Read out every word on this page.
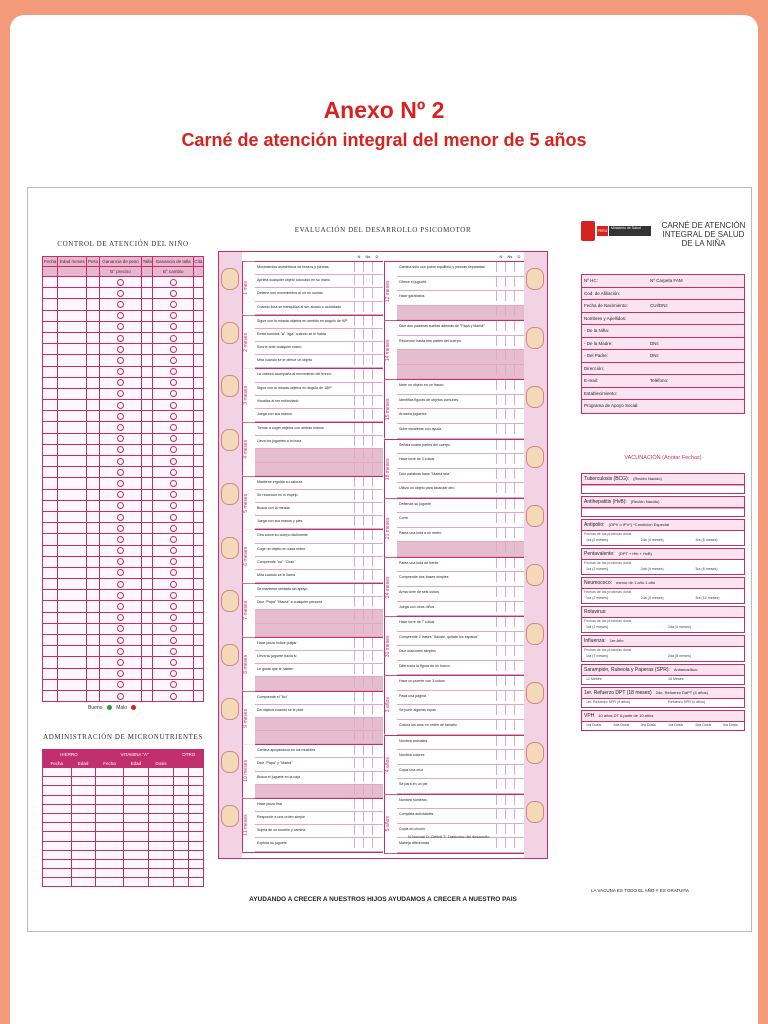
Anexo Nº 2
Carné de atención integral del menor de 5 años
CONTROL DE ATENCIÓN DEL NIÑO
Fecha	Edad meses	Peso	Ganancia de peso	Talla	Ganancia de talla	Cita
			B° preciso		B° cambio	

Bueno	Malo
ADMINISTRACIÓN DE MICRONUTRIENTES
HIERRO		VITAMINA "A"			OTRO	
Fecha	Edad	Fecha	Edad	Dosis		

EVALUACIÓN DEL DESARROLLO PSICOMOTOR
N	Ns	D
1 mes
Movimientos asimétricos de brazos y piernas
Aprieta cualquier objeto colocado en su mano
Detiene sus movimientos al oír un sonido
Cuando llora se tranquiliza al ser alzado o acariciado
2 meses
Sigue con la mirada objetos en sentido en ángulo de 90º
Emite sonidos "a" "aga" cuando se le habla
Sonríe ante cualquier rostro
Mira cuando se le ofrece un objeto
3 meses
La cabeza acompaña al movimiento del tronco
Sigue con la mirada objetos en ángulo de 180º
Vocaliza al ser estimulado
Juega con sus manos
4 meses
Tiende a coger objetos con ambas manos
Lleva los juguetes a la boca
5 meses
Mantiene erguida su cabeza
Se reconoce en el espejo
Busca con la mirada
Juega con sus manos y pies
6 meses
Gira sobre su cuerpo fácilmente
Coge un objeto en cada mano
Comprende "no" "Chau"
Mira cuando se le llama
7 meses
Se mantiene sentado sin apoyo
Dice "Papá" "Mamá" a cualquier persona
8 meses
Hace pinza índice pulgar
Lleva su juguete hacia sí
Le gusta que le hablen
9 meses
Comprende el "No"
Da objetos cuando se le pide
10 meses
Camina apoyándose en los muebles
Dice "Papá" y "Mamá"
Busca el juguete en la caja
11 meses
Hace pinza fina
Responde a una orden simple
Sujeta de un mueble y camina
Explora su juguete
N	Ns	D
12 meses
Camina sólo con pobre equilibrio y piernas separadas
Ofrece el juguete
Hace garabatos
14 meses
Dice dos palabras sueltas además de "Papá y Mamá"
Reconoce hasta tres partes del cuerpo
15 meses
Mete un objeto en un frasco
Identifica figuras de objetos comunes
Arrastra juguetes
Sube escaleras con ayuda
18 meses
Señala cuatro partes del cuerpo
Hace torre de 3 cubos
Dice palabras frase "Mamá teta"
Utiliza un objeto para alcanzar otro
21 meses
Defiende su juguete
Corre
Patea una bola a un metro
24 meses
Patea una bola de frente
Comprende dos frases simples
Arma torre de seis cubos
Juega con otros niños
30 meses
Hace torre de 7 cubos
Comprende 2 frases "Sácate, quítate los zapatos"
Dice oraciones simples
Diferencia la figura de un huevo
3 años
Hace un puente con 3 cubos
Pasa una página
Se pone algunas ropas
Coloca los aros en orden de tamaño
4 años
Nombra animales
Nombra colores
Copia una cruz
Se para en un pie
5 años
Nombra números
Completa actividades
Copia un círculo
Maneja diferencias
N Normal D: Déficit T: Trastorno del desarrollo
AYUDANDO A CRECER A NUESTROS HIJOS AYUDAMOS A CRECER A NUESTRO PAIS
PERÚ
Ministerio de Salud	CARNÉ DE ATENCIÓN INTEGRAL DE SALUD DE LA NIÑA
Nº HC:	Nº Carpeta FAM
Cod. de Afiliación:
Fecha de Nacimiento:	CUI/DNI:
Nombres y Apellidos:
- De la Niña:
- De la Madre:	DNI:
- Del Padre:	DNI:
Dirección:
E-mail:	Teléfono:
Establecimiento:
Programa de Apoyo Social:
VACUNACIÓN (Anotar Fechas)
Tuberculosis (BCG): (Recién Nacido)
Antihepatitis (HvB): (Recién Nacido)
Antipolio: (OPV ó IPV*) *Condición Especial
Fechas de las próximas dosis
1ra (2 meses)	2da (4 meses)	3ra (6 meses)
Pentavalente: (DPT + Hib + HvB)
Fechas de las próximas dosis
1ra (2 meses)	2da (4 meses)	3ra (6 meses)
Neumococo: menor de 1 año 1 año
Fechas de las próximas dosis
1ra (2 meses)	2da (4 meses)	3ra (12 meses)
Rotavirus:
Fechas de las próximas dosis
1ra (2 meses)	2da (4 meses)
Influenza: 1er Año
Fechas de las próximas dosis
1ra (7 meses)	2da (8 meses)
Sarampión, Rubeola y Paperas (SPR): Antiamarilica:
12 Meses	15 Meses
1er. Refuerzo DPT (18 meses) 2do. Refuerzo DaPT (4 años)
1er. Refuerzo SPR (4 años)	Refuerzo SPR (4 años)
VPH 10 años DT A partir de 10 años
1ra Dosis	2da Dosis	3ra Dosis	1ra Dosis	2da Dosis	3ra Dosis
LA VACUNA ES TODO EL AÑO Y ES GRATUITA
